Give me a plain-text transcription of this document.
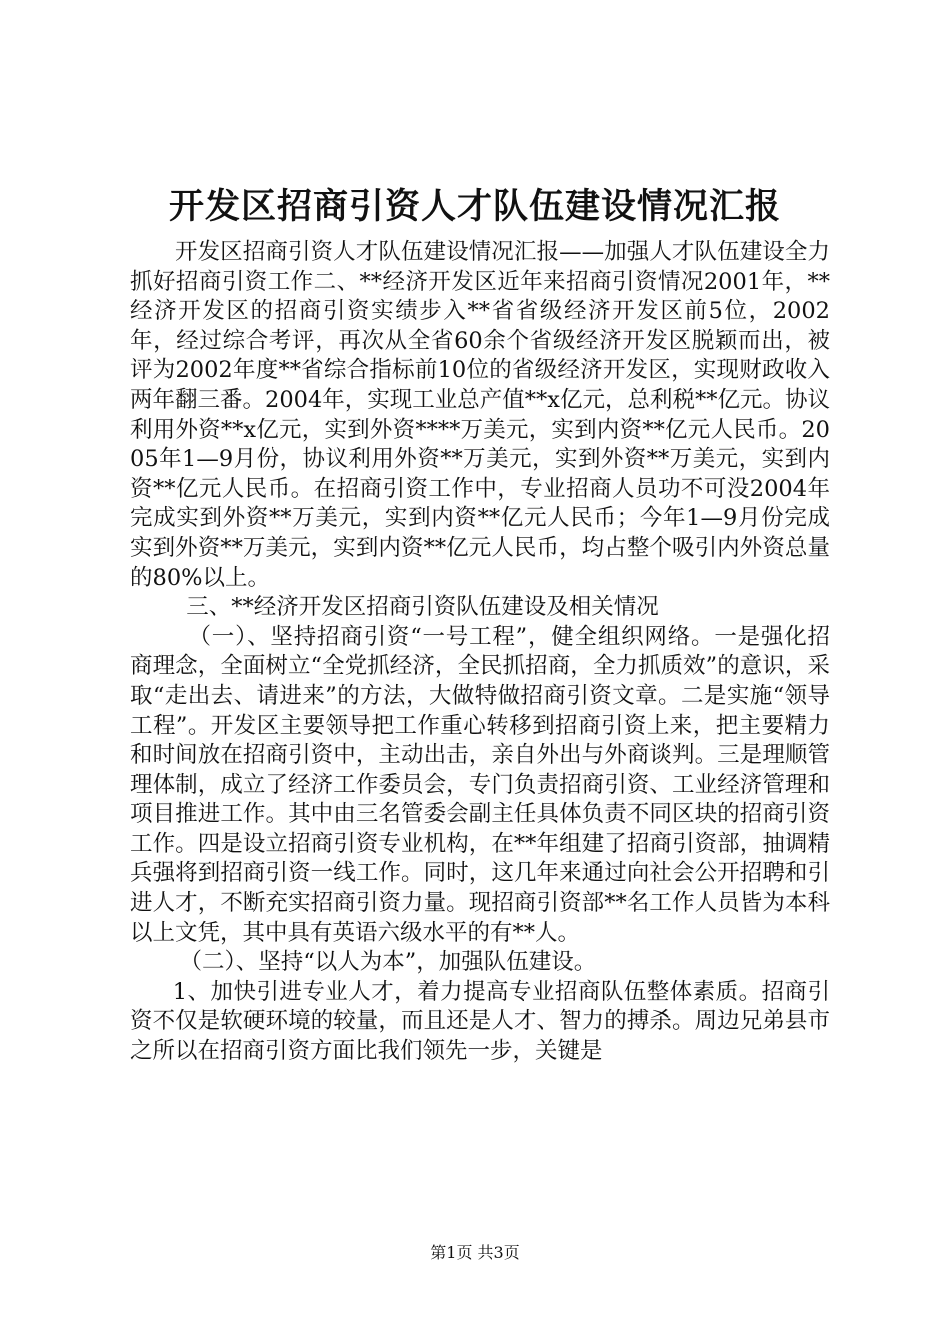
开发区招商引资人才队伍建设情况汇报

开发区招商引资人才队伍建设情况汇报——加强人才队伍建设全力抓好招商引资工作二、**经济开发区近年来招商引资情况2001年，**经济开发区的招商引资实绩步入**省省级经济开发区前5位，2002年，经过综合考评，再次从全省60余个省级经济开发区脱颖而出，被评为2002年度**省综合指标前10位的省级经济开发区，实现财政收入两年翻三番。2004年，实现工业总产值**x亿元，总利税**亿元。协议利用外资**x亿元，实到外资****万美元，实到内资**亿元人民币。2005年1—9月份，协议利用外资**万美元，实到外资**万美元，实到内资**亿元人民币。在招商引资工作中，专业招商人员功不可没2004年完成实到外资**万美元，实到内资**亿元人民币；今年1—9月份完成实到外资**万美元，实到内资**亿元人民币，均占整个吸引内外资总量的80%以上。

三、**经济开发区招商引资队伍建设及相关情况

（一）、坚持招商引资“一号工程”，健全组织网络。一是强化招商理念，全面树立“全党抓经济，全民抓招商，全力抓质效”的意识，采取“走出去、请进来”的方法，大做特做招商引资文章。二是实施“领导工程”。开发区主要领导把工作重心转移到招商引资上来，把主要精力和时间放在招商引资中，主动出击，亲自外出与外商谈判。三是理顺管理体制，成立了经济工作委员会，专门负责招商引资、工业经济管理和项目推进工作。其中由三名管委会副主任具体负责不同区块的招商引资工作。四是设立招商引资专业机构，在**年组建了招商引资部，抽调精兵强将到招商引资一线工作。同时，这几年来通过向社会公开招聘和引进人才，不断充实招商引资力量。现招商引资部**名工作人员皆为本科以上文凭，其中具有英语六级水平的有**人。

（二）、坚持“以人为本”，加强队伍建设。

1、加快引进专业人才，着力提高专业招商队伍整体素质。招商引资不仅是软硬环境的较量，而且还是人才、智力的搏杀。周边兄弟县市之所以在招商引资方面比我们领先一步，关键是

第1页 共3页
